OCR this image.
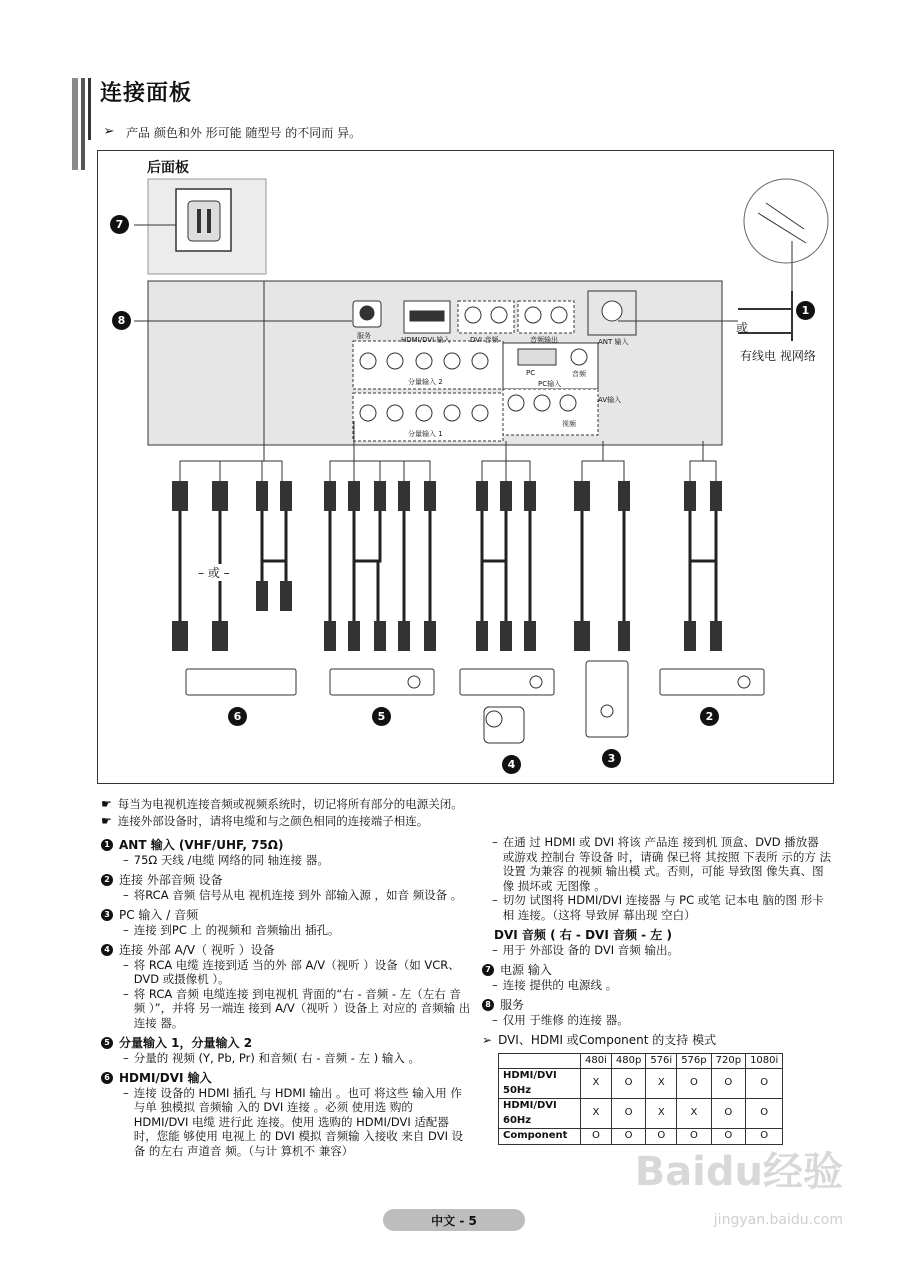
连接面板
➢ 产品 颜色和外 形可能 随型号 的不同而 异。
后面板
或
有线电 视网络
– 或 –
1
2
3
4
5
6
7
8
服务	HDMI/DVI 输入	DVI 音频	音频输出	ANT 输入
分量输入 2
分量输入 1
PC	音频
PC输入
AV输入
视频
☛ 每当为电视机连接音频或视频系统时，切记将所有部分的电源关闭。
☛ 连接外部设备时，请将电缆和与之颜色相同的连接端子相连。
1 ANT 输入 (VHF/UHF, 75Ω)
– 75Ω 天线 /电缆 网络的同 轴连接 器。
2 连接 外部音频 设备
– 将RCA 音频 信号从电 视机连接 到外 部输入源 ，如音 频设备 。
3 PC 输入 / 音频
– 连接 到PC 上 的视频和 音频输出 插孔。
4 连接 外部 A/V（ 视听 ）设备
– 将 RCA 电缆 连接到适 当的外 部 A/V（视听 ）设备（如 VCR、DVD 或摄像机 ）。
– 将 RCA 音频 电缆连接 到电视机 背面的“右 - 音频 - 左（左右 音频 ）”，并将 另一端连 接到 A/V（视听 ）设备上 对应的 音频输 出连接 器。
5 分量输入 1，分量输入 2
– 分量的 视频 (Y, Pb, Pr) 和音频( 右 - 音频 - 左 ) 输入 。
6 HDMI/DVI 输入
– 连接 设备的 HDMI 插孔 与 HDMI 输出 。也可 将这些 输入用 作与单 独模拟 音频输 入的 DVI 连接 。必须 使用选 购的 HDMI/DVI 电缆 进行此 连接。使用 选购的 HDMI/DVI 适配器 时，您能 够使用 电视上 的 DVI 模拟 音频输 入接收 来自 DVI 设备 的左右 声道音 频。（与计 算机不 兼容）
– 在通 过 HDMI 或 DVI 将该 产品连 接到机 顶盒、DVD 播放器 或游戏 控制台 等设备 时，请确 保已将 其按照 下表所 示的方 法设置 为兼容 的视频 输出模 式。否则，可能 导致图 像失真、图像 损坏或 无图像 。
– 切勿 试图将 HDMI/DVI 连接器 与 PC 或笔 记本电 脑的图 形卡相 连接。（这将 导致屏 幕出现 空白）
DVI 音频 ( 右 - DVI 音频 - 左 )
– 用于 外部设 备的 DVI 音频 输出。
7 电源 输入
– 连接 提供的 电源线 。
8 服务
– 仅用 于维修 的连接 器。
➢ DVI、HDMI 或Component 的支持 模式
	480i	480p	576i	576p	720p	1080i
HDMI/DVI 50Hz	X	O	X	O	O	O
HDMI/DVI 60Hz	X	O	X	X	O	O
Component	O	O	O	O	O	O
Baidu经验
jingyan.baidu.com
中文 - 5
